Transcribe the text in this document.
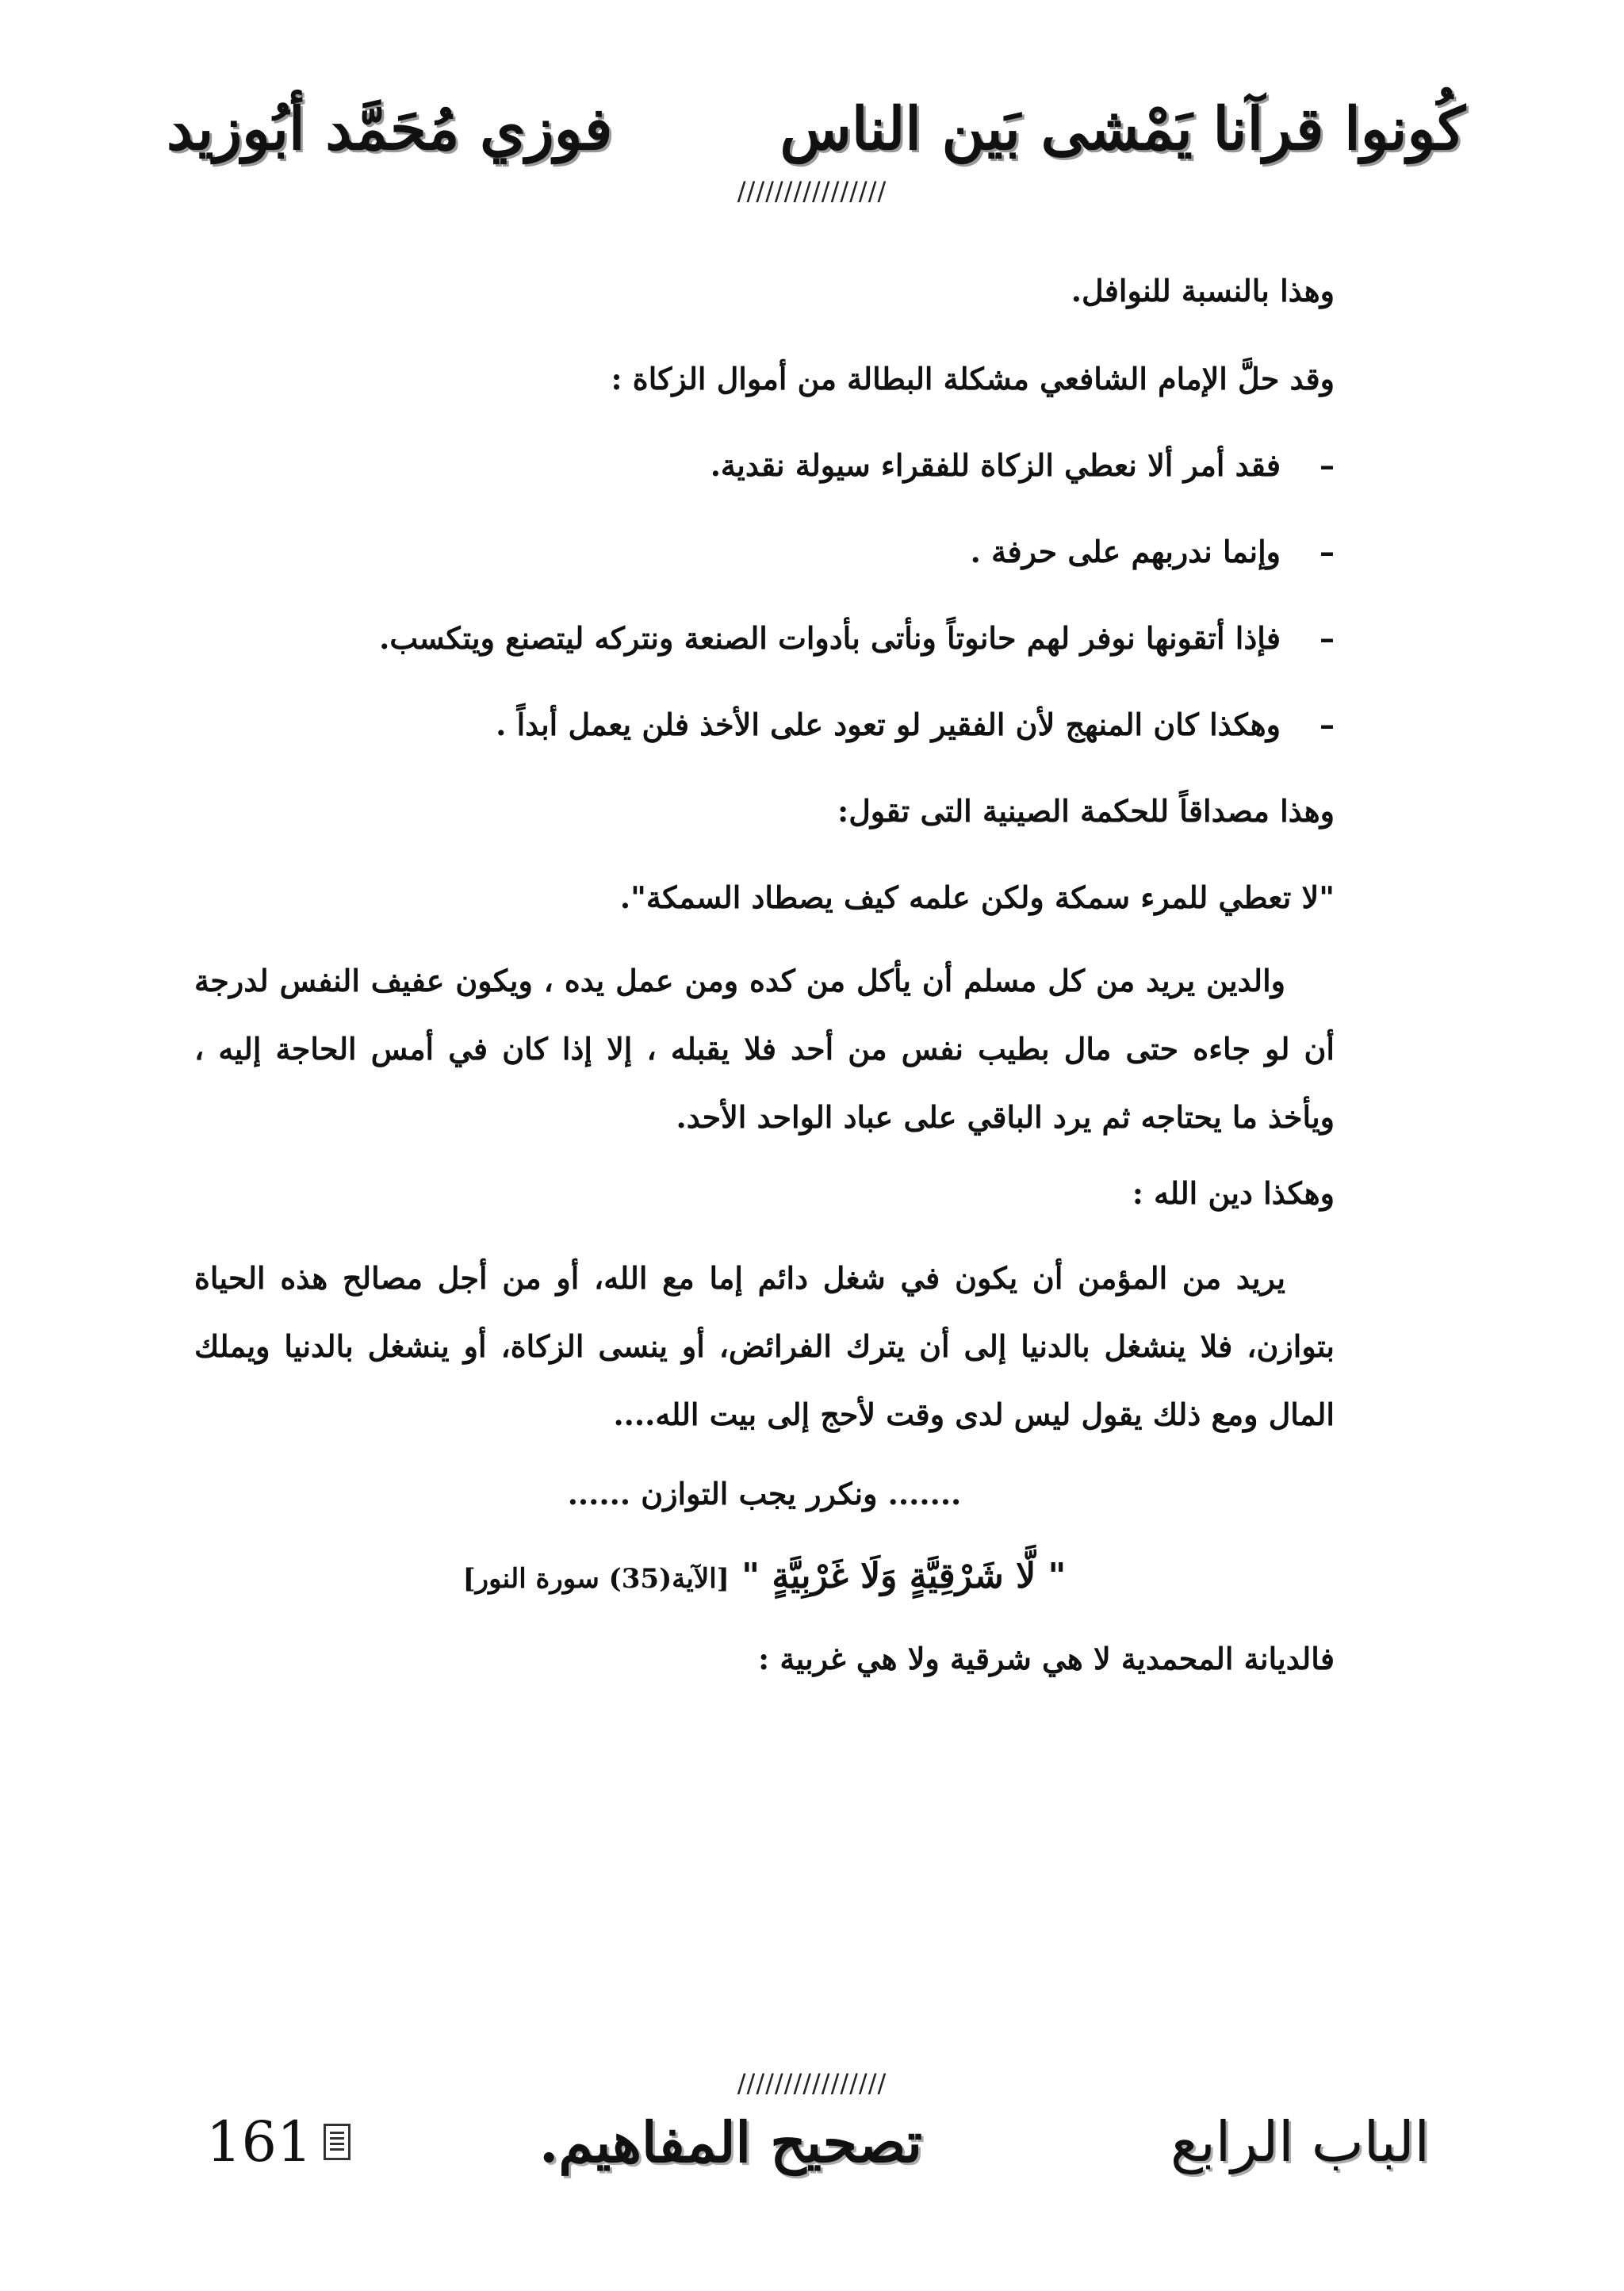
كُونوا قرآنا يَمْشى بَين الناس
فوزي مُحَمَّد أبُوزيد
////////////////
وهذا بالنسبة للنوافل.
وقد حلَّ الإمام الشافعي مشكلة البطالة من أموال الزكاة :
–
فقد أمر ألا نعطي الزكاة للفقراء سيولة نقدية.
–
وإنما ندربهم على حرفة .
–
فإذا أتقونها نوفر لهم حانوتاً ونأتى بأدوات الصنعة ونتركه ليتصنع ويتكسب.
–
وهكذا كان المنهج لأن الفقير لو تعود على الأخذ فلن يعمل أبداً .
وهذا مصداقاً للحكمة الصينية التى تقول:
"لا تعطي للمرء سمكة ولكن علمه كيف يصطاد السمكة".
والدين يريد من كل مسلم أن يأكل من كده ومن عمل يده ، ويكون عفيف النفس لدرجة أن لو جاءه حتى مال بطيب نفس من أحد فلا يقبله ، إلا إذا كان في أمس الحاجة إليه ، ويأخذ ما يحتاجه ثم يرد الباقي على عباد الواحد الأحد.
وهكذا دين الله :
يريد من المؤمن أن يكون في شغل دائم إما مع الله، أو من أجل مصالح هذه الحياة بتوازن، فلا ينشغل بالدنيا إلى أن يترك الفرائض، أو ينسى الزكاة، أو ينشغل بالدنيا ويملك المال ومع ذلك يقول ليس لدى وقت لأحج إلى بيت الله....
....... ونكرر يجب التوازن ......
" لَّا شَرْقِيَّةٍ وَلَا غَرْبِيَّةٍ " [الآية(35) سورة النور]
فالديانة المحمدية لا هي شرقية ولا هي غربية :
////////////////
الباب الرابع
تصحيح المفاهيم.
161
